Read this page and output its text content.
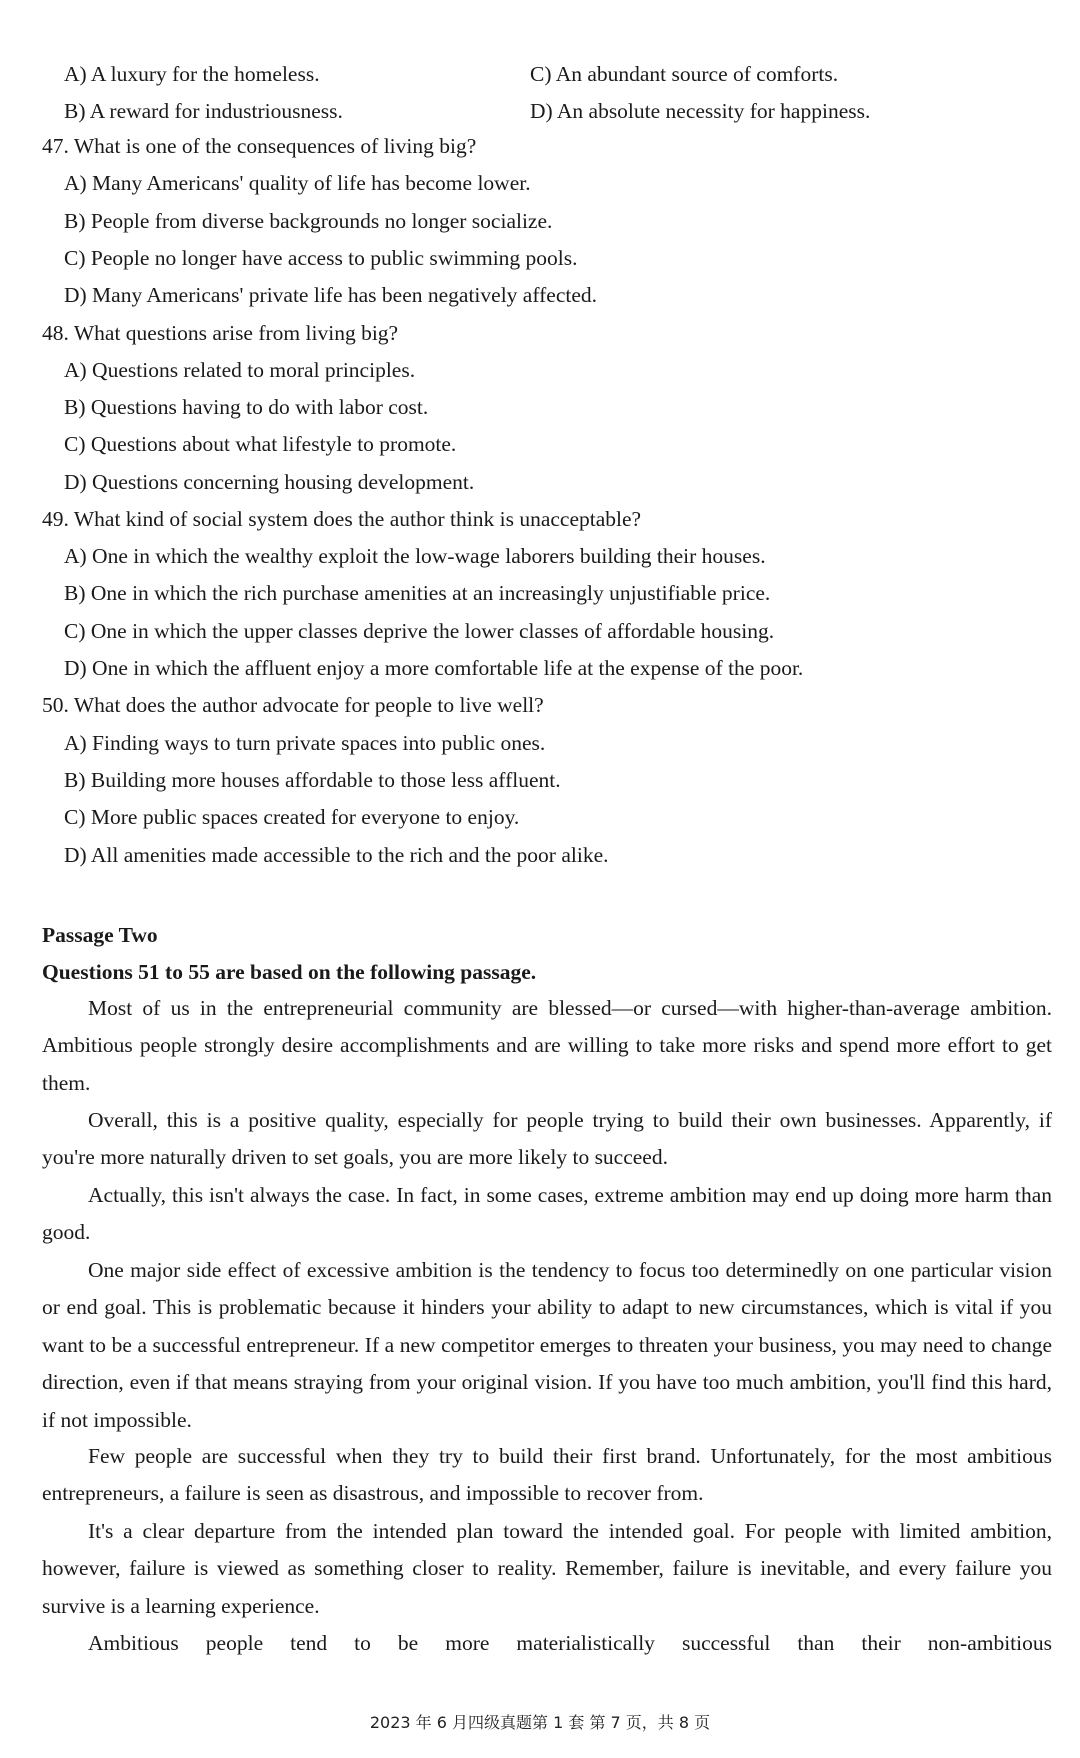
A) A luxury for the homeless.	C) An abundant source of comforts.
B) A reward for industriousness.	D) An absolute necessity for happiness.
47. What is one of the consequences of living big?
A) Many Americans' quality of life has become lower.
B) People from diverse backgrounds no longer socialize.
C) People no longer have access to public swimming pools.
D) Many Americans' private life has been negatively affected.
48. What questions arise from living big?
A) Questions related to moral principles.
B) Questions having to do with labor cost.
C) Questions about what lifestyle to promote.
D) Questions concerning housing development.
49. What kind of social system does the author think is unacceptable?
A) One in which the wealthy exploit the low-wage laborers building their houses.
B) One in which the rich purchase amenities at an increasingly unjustifiable price.
C) One in which the upper classes deprive the lower classes of affordable housing.
D) One in which the affluent enjoy a more comfortable life at the expense of the poor.
50. What does the author advocate for people to live well?
A) Finding ways to turn private spaces into public ones.
B) Building more houses affordable to those less affluent.
C) More public spaces created for everyone to enjoy.
D) All amenities made accessible to the rich and the poor alike.
Passage Two
Questions 51 to 55 are based on the following passage.

Most of us in the entrepreneurial community are blessed—or cursed—with higher-than-average ambition. Ambitious people strongly desire accomplishments and are willing to take more risks and spend more effort to get them.

Overall, this is a positive quality, especially for people trying to build their own businesses. Apparently, if you're more naturally driven to set goals, you are more likely to succeed.

Actually, this isn't always the case. In fact, in some cases, extreme ambition may end up doing more harm than good.

One major side effect of excessive ambition is the tendency to focus too determinedly on one particular vision or end goal. This is problematic because it hinders your ability to adapt to new circumstances, which is vital if you want to be a successful entrepreneur. If a new competitor emerges to threaten your business, you may need to change direction, even if that means straying from your original vision. If you have too much ambition, you'll find this hard, if not impossible.

Few people are successful when they try to build their first brand. Unfortunately, for the most ambitious entrepreneurs, a failure is seen as disastrous, and impossible to recover from.

It's a clear departure from the intended plan toward the intended goal. For people with limited ambition, however, failure is viewed as something closer to reality. Remember, failure is inevitable, and every failure you survive is a learning experience.

Ambitious people tend to be more materialistically successful than their non-ambitious

2023 年 6 月四级真题第 1 套 第 7 页，共 8 页
